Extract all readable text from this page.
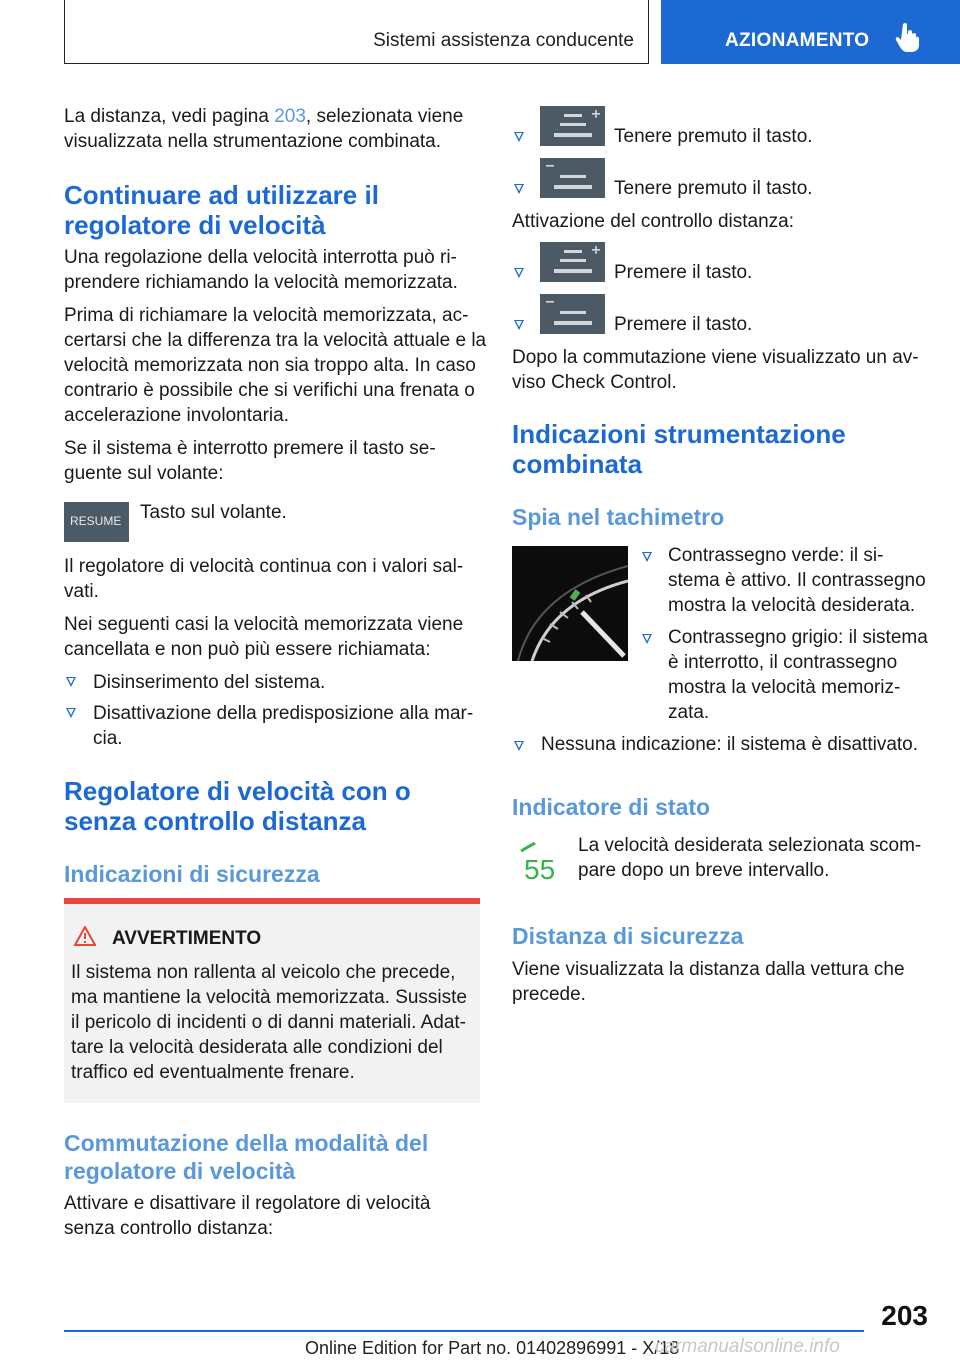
Sistemi assistenza conducente	AZIONAMENTO

La distanza, vedi pagina 203, selezionata viene

visualizzata nella strumentazione combinata.

Continuare ad utilizzare il
regolatore di velocità

Una regolazione della velocità interrotta può ri-

prendere richiamando la velocità memorizzata.

Prima di richiamare la velocità memorizzata, ac-

certarsi che la differenza tra la velocità attuale e la

velocità memorizzata non sia troppo alta. In caso

contrario è possibile che si verifichi una frenata o

accelerazione involontaria.

Se il sistema è interrotto premere il tasto se-

guente sul volante:

RESUME Tasto sul volante.

Il regolatore di velocità continua con i valori sal-

vati.

Nei seguenti casi la velocità memorizzata viene

cancellata e non può più essere richiamata:

Disinserimento del sistema.

Disattivazione della predisposizione alla mar-

cia.

Regolatore di velocità con o
senza controllo distanza
Indicazioni di sicurezza
AVVERTIMENTO

Il sistema non rallenta al veicolo che precede,

ma mantiene la velocità memorizzata. Sussiste

il pericolo di incidenti o di danni materiali. Adat-

tare la velocità desiderata alle condizioni del

traffico ed eventualmente frenare.

Commutazione della modalità del
regolatore di velocità

Attivare e disattivare il regolatore di velocità

senza controllo distanza:

Tenere premuto il tasto.

Tenere premuto il tasto.

Attivazione del controllo distanza:

Premere il tasto.

Premere il tasto.

Dopo la commutazione viene visualizzato un av-

viso Check Control.

Indicazioni strumentazione
combinata
Spia nel tachimetro

Contrassegno verde: il si-

stema è attivo. Il contrassegno

mostra la velocità desiderata.

Contrassegno grigio: il sistema

è interrotto, il contrassegno

mostra la velocità memoriz-

zata.

Nessuna indicazione: il sistema è disattivato.

Indicatore di stato
55

La velocità desiderata selezionata scom-

pare dopo un breve intervallo.

Distanza di sicurezza

Viene visualizzata la distanza dalla vettura che

precede.

203
Online Edition for Part no. 01402896991 - X/18
carmanualsonline.info
